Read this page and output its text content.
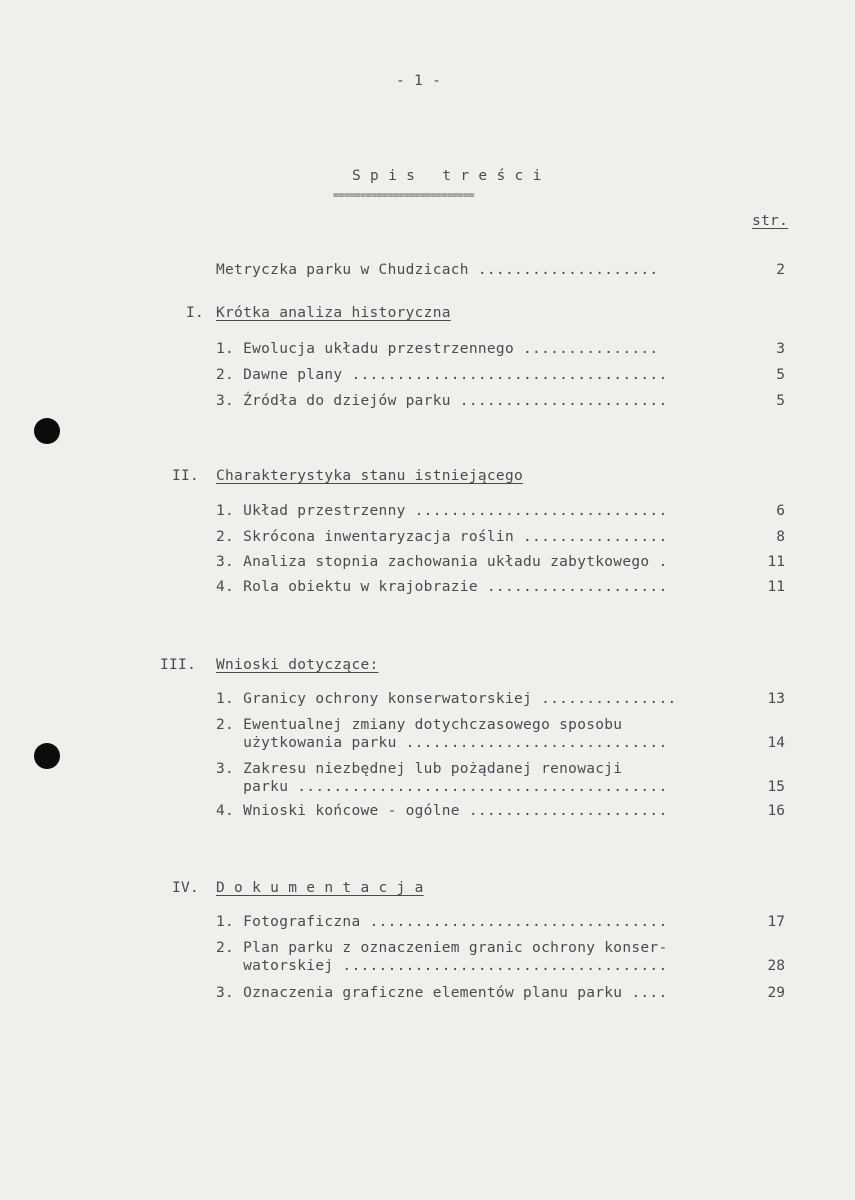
- 1 -
S p i s   t r e ś c i
==========================
str.
Metryczka parku w Chudzicach ....................	2
I. Krótka analiza historyczna
1. Ewolucja układu przestrzennego ...............	3
2. Dawne plany ...................................	5
3. Źródła do dziejów parku .......................	5
II. Charakterystyka stanu istniejącego
1. Układ przestrzenny ............................	6
2. Skrócona inwentaryzacja roślin ................	8
3. Analiza stopnia zachowania układu zabytkowego .	11
4. Rola obiektu w krajobrazie ....................	11
III. Wnioski dotyczące:
1. Granicy ochrony konserwatorskiej ...............	13
2. Ewentualnej zmiany dotychczasowego sposobu
użytkowania parku .............................	14
3. Zakresu niezbędnej lub pożądanej renowacji
parku .........................................	15
4. Wnioski końcowe - ogólne ......................	16
IV. D o k u m e n t a c j a
1. Fotograficzna .................................	17
2. Plan parku z oznaczeniem granic ochrony konser-
watorskiej ....................................	28
3. Oznaczenia graficzne elementów planu parku ....	29
